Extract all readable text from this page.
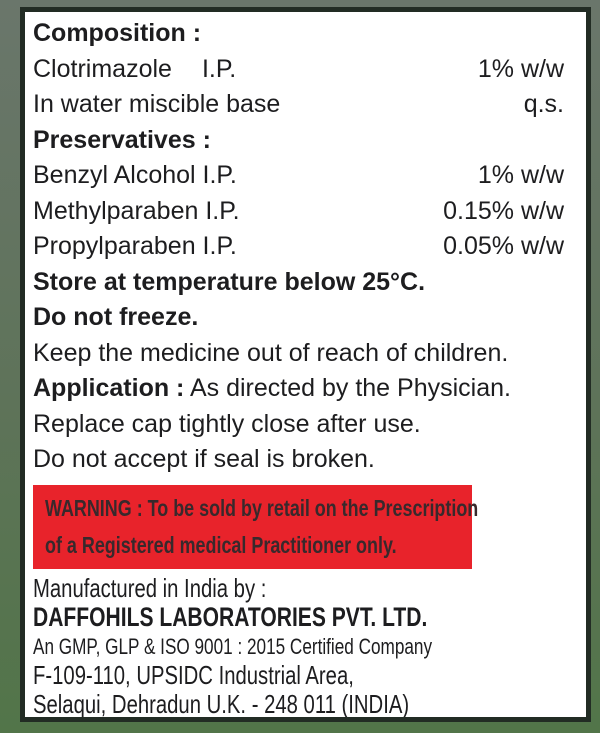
Composition :
Clotrimazole I.P.	1% w/w
In water miscible base	q.s.
Preservatives :
Benzyl Alcohol I.P.	1% w/w
Methylparaben I.P.	0.15% w/w
Propylparaben I.P.	0.05% w/w
Store at temperature below 25°C.
Do not freeze.
Keep the medicine out of reach of children.
Application : As directed by the Physician.
Replace cap tightly close after use.
Do not accept if seal is broken.
WARNING : To be sold by retail on the Prescription
of a Registered medical Practitioner only.
Manufactured in India by :
DAFFOHILS LABORATORIES PVT. LTD.
An GMP, GLP & ISO 9001 : 2015 Certified Company
F-109-110, UPSIDC Industrial Area,
Selaqui, Dehradun U.K. - 248 011 (INDIA)
